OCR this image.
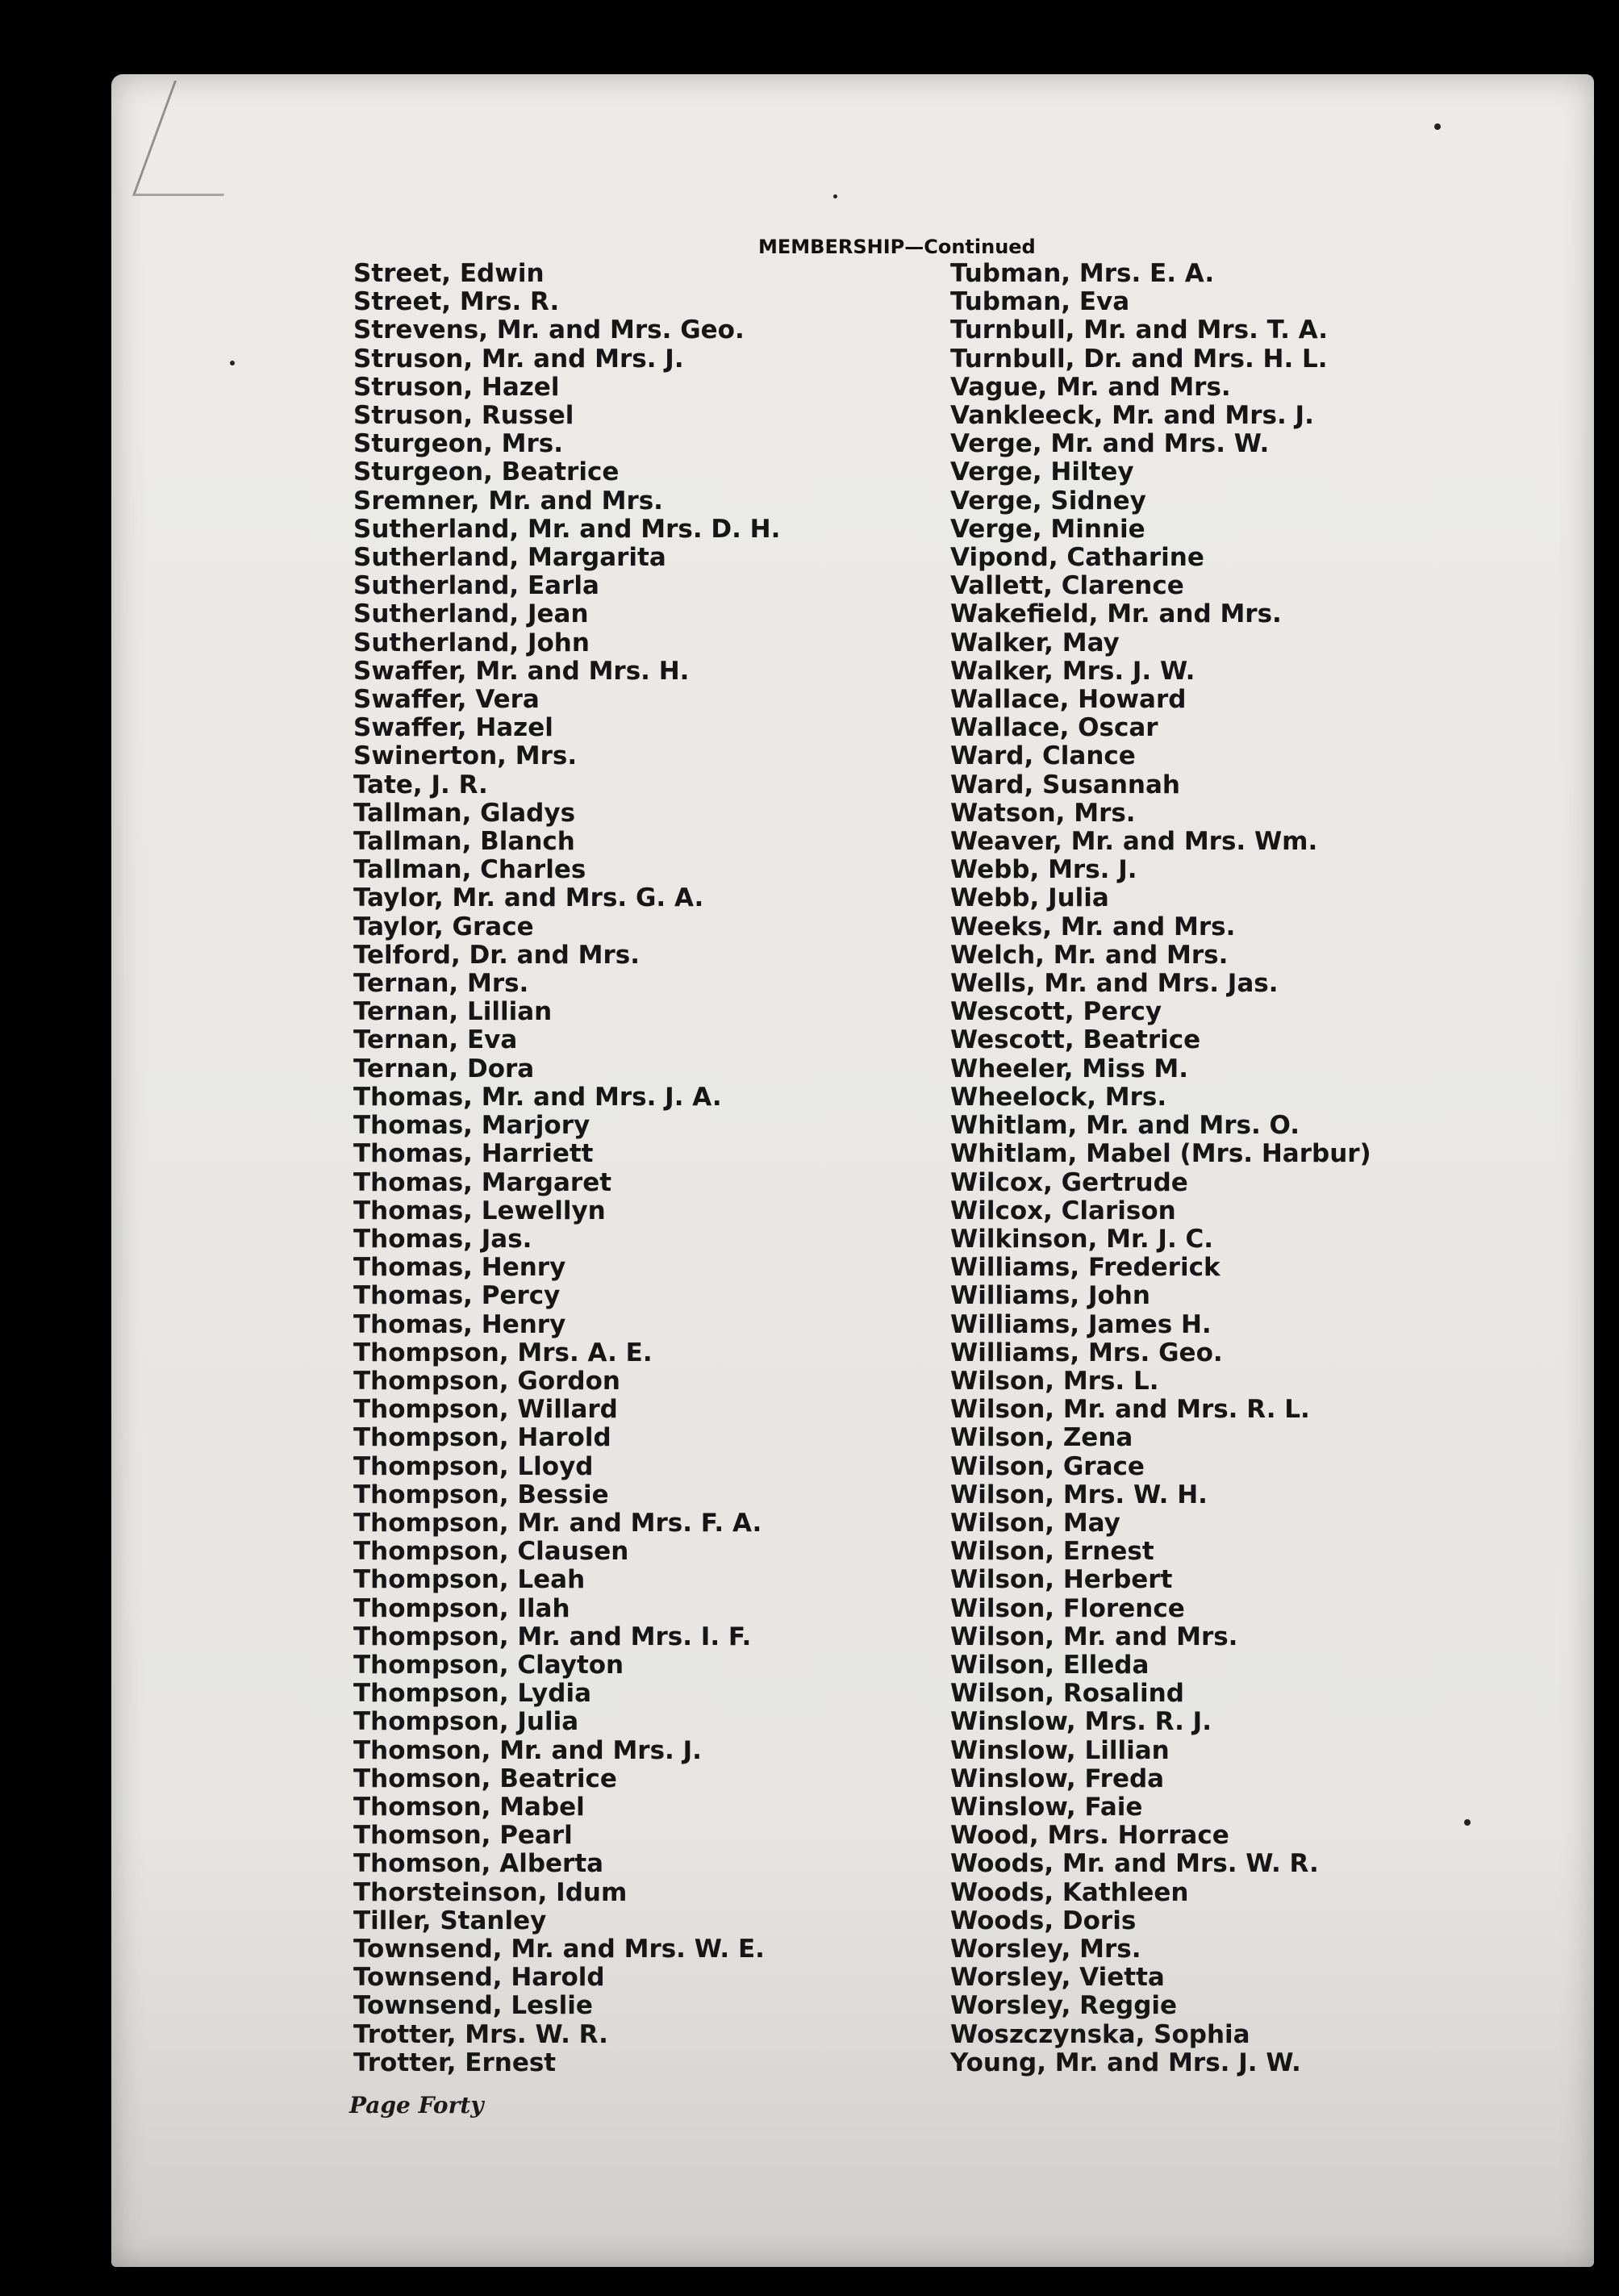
MEMBERSHIP—Continued
Street, Edwin
Street, Mrs. R.
Strevens, Mr. and Mrs. Geo.
Struson, Mr. and Mrs. J.
Struson, Hazel
Struson, Russel
Sturgeon, Mrs.
Sturgeon, Beatrice
Sremner, Mr. and Mrs.
Sutherland, Mr. and Mrs. D. H.
Sutherland, Margarita
Sutherland, Earla
Sutherland, Jean
Sutherland, John
Swaffer, Mr. and Mrs. H.
Swaffer, Vera
Swaffer, Hazel
Swinerton, Mrs.
Tate, J. R.
Tallman, Gladys
Tallman, Blanch
Tallman, Charles
Taylor, Mr. and Mrs. G. A.
Taylor, Grace
Telford, Dr. and Mrs.
Ternan, Mrs.
Ternan, Lillian
Ternan, Eva
Ternan, Dora
Thomas, Mr. and Mrs. J. A.
Thomas, Marjory
Thomas, Harriett
Thomas, Margaret
Thomas, Lewellyn
Thomas, Jas.
Thomas, Henry
Thomas, Percy
Thomas, Henry
Thompson, Mrs. A. E.
Thompson, Gordon
Thompson, Willard
Thompson, Harold
Thompson, Lloyd
Thompson, Bessie
Thompson, Mr. and Mrs. F. A.
Thompson, Clausen
Thompson, Leah
Thompson, Ilah
Thompson, Mr. and Mrs. I. F.
Thompson, Clayton
Thompson, Lydia
Thompson, Julia
Thomson, Mr. and Mrs. J.
Thomson, Beatrice
Thomson, Mabel
Thomson, Pearl
Thomson, Alberta
Thorsteinson, Idum
Tiller, Stanley
Townsend, Mr. and Mrs. W. E.
Townsend, Harold
Townsend, Leslie
Trotter, Mrs. W. R.
Trotter, Ernest
Tubman, Mrs. E. A.
Tubman, Eva
Turnbull, Mr. and Mrs. T. A.
Turnbull, Dr. and Mrs. H. L.
Vague, Mr. and Mrs.
Vankleeck, Mr. and Mrs. J.
Verge, Mr. and Mrs. W.
Verge, Hiltey
Verge, Sidney
Verge, Minnie
Vipond, Catharine
Vallett, Clarence
Wakefield, Mr. and Mrs.
Walker, May
Walker, Mrs. J. W.
Wallace, Howard
Wallace, Oscar
Ward, Clance
Ward, Susannah
Watson, Mrs.
Weaver, Mr. and Mrs. Wm.
Webb, Mrs. J.
Webb, Julia
Weeks, Mr. and Mrs.
Welch, Mr. and Mrs.
Wells, Mr. and Mrs. Jas.
Wescott, Percy
Wescott, Beatrice
Wheeler, Miss M.
Wheelock, Mrs.
Whitlam, Mr. and Mrs. O.
Whitlam, Mabel (Mrs. Harbur)
Wilcox, Gertrude
Wilcox, Clarison
Wilkinson, Mr. J. C.
Williams, Frederick
Williams, John
Williams, James H.
Williams, Mrs. Geo.
Wilson, Mrs. L.
Wilson, Mr. and Mrs. R. L.
Wilson, Zena
Wilson, Grace
Wilson, Mrs. W. H.
Wilson, May
Wilson, Ernest
Wilson, Herbert
Wilson, Florence
Wilson, Mr. and Mrs.
Wilson, Elleda
Wilson, Rosalind
Winslow, Mrs. R. J.
Winslow, Lillian
Winslow, Freda
Winslow, Faie
Wood, Mrs. Horrace
Woods, Mr. and Mrs. W. R.
Woods, Kathleen
Woods, Doris
Worsley, Mrs.
Worsley, Vietta
Worsley, Reggie
Woszczynska, Sophia
Young, Mr. and Mrs. J. W.
Page Forty
